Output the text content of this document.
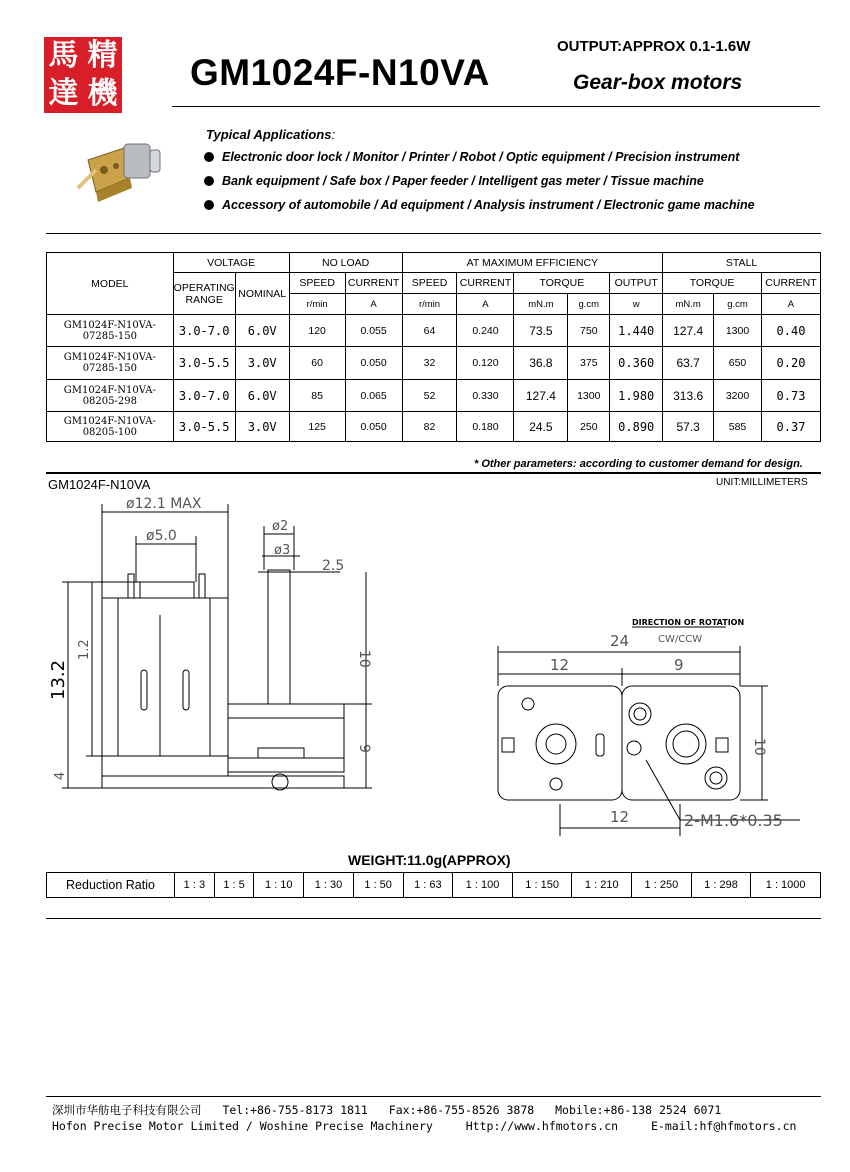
馬 精
達 機
GM1024F-N10VA
OUTPUT:APPROX 0.1-1.6W
Gear-box motors
Typical Applications:
Electronic door lock / Monitor / Printer / Robot / Optic equipment / Precision instrument
Bank equipment / Safe box / Paper feeder / Intelligent gas meter / Tissue machine
Accessory of automobile / Ad equipment / Analysis instrument / Electronic game machine
MODEL	VOLTAGE		NO LOAD		AT MAXIMUM EFFICIENCY					STALL		
	OPERATING RANGE	NOMINAL	SPEED	CURRENT	SPEED	CURRENT	TORQUE		OUTPUT	TORQUE		CURRENT
			r/min	A	r/min	A	mN.m	g.cm	w	mN.m	g.cm	A

GM1024F-N10VA-
07285-150	3.0-7.0	6.0V	120	0.055	64	0.240	73.5	750	1.440	127.4	1300	0.40

GM1024F-N10VA-
07285-150	3.0-5.5	3.0V	60	0.050	32	0.120	36.8	375	0.360	63.7	650	0.20

GM1024F-N10VA-
08205-298	3.0-7.0	6.0V	85	0.065	52	0.330	127.4	1300	1.980	313.6	3200	0.73

GM1024F-N10VA-
08205-100	3.0-5.5	3.0V	125	0.050	82	0.180	24.5	250	0.890	57.3	585	0.37
* Other parameters: according to customer demand for design.
GM1024F-N10VA	UNIT:MILLIMETERS
ø12.1 MAX
ø5.0
ø2
ø3
2.5
13.2
1.2
4
10
9
DIRECTION OF ROTATION
CW/CCW
24
12	9
10
12	2-M1.6*0.35
WEIGHT:11.0g(APPROX)
Reduction Ratio	1 : 3	1 : 5	1 : 10	1 : 30	1 : 50	1 : 63	1 : 100	1 : 150	1 : 210	1 : 250	1 : 298	1 : 1000
深圳市华舫电子科技有限公司 Tel:+86-755-8173 1811 Fax:+86-755-8526 3878 Mobile:+86-138 2524 6071
Hofon Precise Motor Limited / Woshine Precise Machinery	Http://www.hfmotors.cn	E-mail:hf@hfmotors.cn
